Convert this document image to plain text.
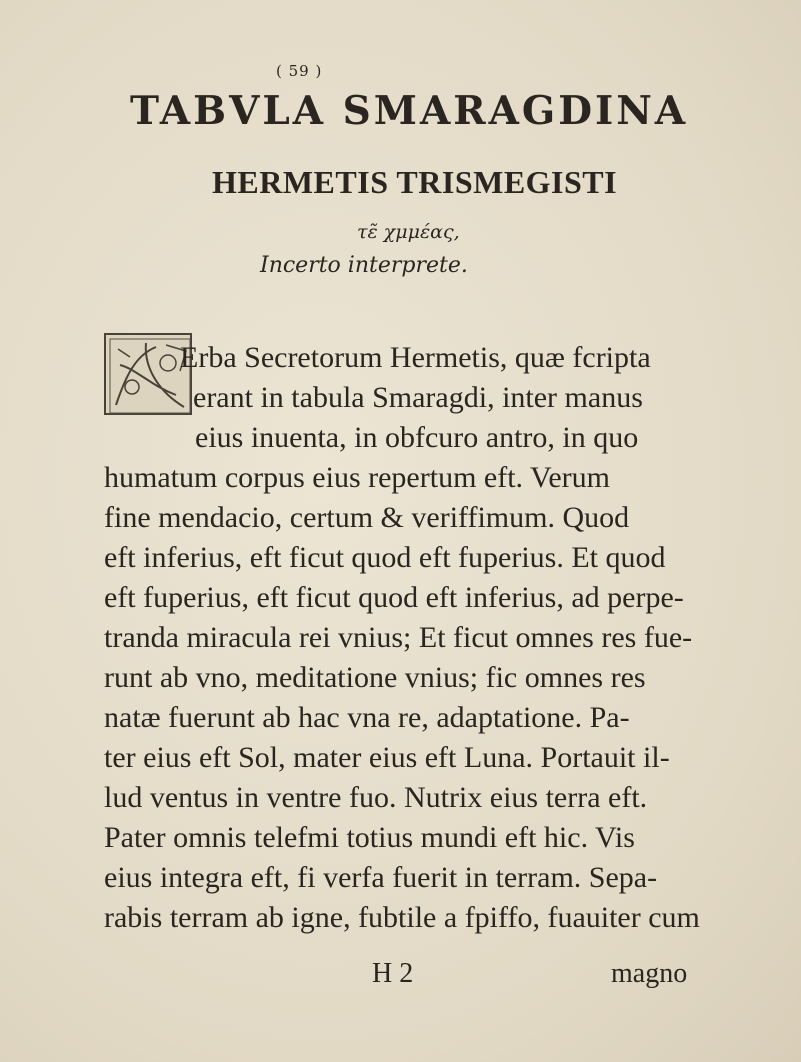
( 59 )
TABVLA SMARAGDINA
HERMETIS TRISMEGISTI
τε̃ χμμέας,
Incerto interprete.
Erba Secretorum Hermetis, quæ fcripta
erant in tabula Smaragdi, inter manus
eius inuenta, in obfcuro antro, in quo
humatum corpus eius repertum eft. Verum
fine mendacio, certum & veriffimum. Quod
eft inferius, eft ficut quod eft fuperius. Et quod
eft fuperius, eft ficut quod eft inferius, ad perpe-
tranda miracula rei vnius; Et ficut omnes res fue-
runt ab vno, meditatione vnius; fic omnes res
natæ fuerunt ab hac vna re, adaptatione. Pa-
ter eius eft Sol, mater eius eft Luna. Portauit il-
lud ventus in ventre fuo. Nutrix eius terra eft.
Pater omnis telefmi totius mundi eft hic. Vis
eius integra eft, fi verfa fuerit in terram. Sepa-
rabis terram ab igne, fubtile a fpiffo, fuauiter cum
H 2	magno
